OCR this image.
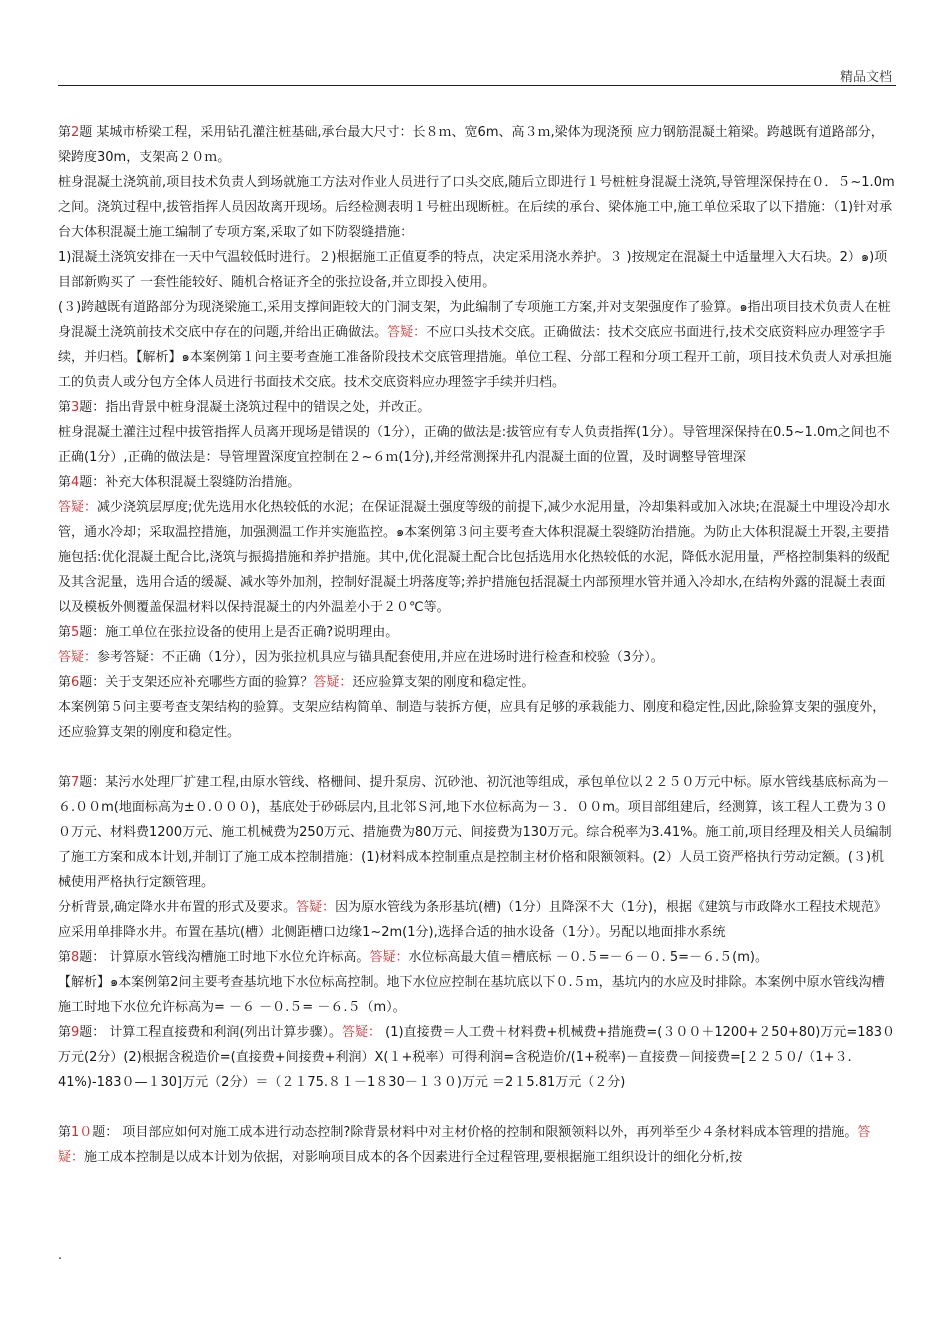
精品文档

第2题 某城市桥梁工程，采用钻孔灌注桩基础,承台最大尺寸：长８ｍ、宽6m、高３ｍ,梁体为现浇预 应力钢筋混凝土箱梁。跨越既有道路部分，梁跨度30m，支架高２０ｍ。

桩身混凝土浇筑前,项目技术负责人到场就施工方法对作业人员进行了口头交底,随后立即进行１号桩桩身混凝土浇筑,导管埋深保持在０．５~1.0m之间。浇筑过程中,拔管指挥人员因故离开现场。后经检测表明１号桩出现断桩。在后续的承台、梁体施工中,施工单位采取了以下措施：（1)针对承台大体积混凝土施工编制了专项方案,采取了如下防裂缝措施：

1)混凝土浇筑安排在一天中气温较低时进行。２)根据施工正值夏季的特点，决定采用浇水养护。３ )按规定在混凝土中适量埋入大石块。2）๑)项目部新购买了 一套性能较好、随机合格证齐全的张拉设备,并立即投入使用。

(３)跨越既有道路部分为现浇梁施工,采用支撑间距较大的门洞支架，为此编制了专项施工方案,并对支架强度作了验算。๑指出项目技术负责人在桩身混凝土浇筑前技术交底中存在的问题,并给出正确做法。答疑：不应口头技术交底。正确做法：技术交底应书面进行,技术交底资料应办理签字手续，并归档。【解析】๑本案例第１问主要考查施工准备阶段技术交底管理措施。单位工程、分部工程和分项工程开工前，项目技术负责人对承担施工的负责人或分包方全体人员进行书面技术交底。技术交底资料应办理签字手续并归档。

第3题：指出背景中桩身混凝土浇筑过程中的错误之处，并改正。

桩身混凝土灌注过程中拔管指挥人员离开现场是错误的（1分），正确的做法是:拔管应有专人负责指挥(1分）。导管埋深保持在0.5~1.0m之间也不正确(1分）,正确的做法是：导管埋置深度宜控制在２~６ｍ(1分),并经常测探井孔内混凝土面的位置，及时调整导管埋深

第4题：补充大体积混凝土裂缝防治措施。

答疑：减少浇筑层厚度;优先选用水化热较低的水泥；在保证混凝土强度等级的前提下,减少水泥用量，冷却集料或加入冰块;在混凝土中埋设冷却水管，通水冷却；采取温控措施，加强测温工作并实施监控。๑本案例第３问主要考查大体积混凝土裂缝防治措施。为防止大体积混凝土开裂,主要措施包括:优化混凝土配合比,浇筑与振捣措施和养护措施。其中,优化混凝土配合比包括选用水化热较低的水泥，降低水泥用量，严格控制集料的级配及其含泥量，选用合适的缓凝、减水等外加剂，控制好混凝土坍落度等;养护措施包括混凝土内部预埋水管并通入冷却水,在结构外露的混凝土表面以及模板外侧覆盖保温材料以保持混凝土的内外温差小于２０℃等。

第5题：施工单位在张拉设备的使用上是否正确?说明理由。

答疑：参考答疑：不正确（1分），因为张拉机具应与锚具配套使用,并应在进场时进行检查和校验（3分）。

第6题：关于支架还应补充哪些方面的验算？答疑：还应验算支架的刚度和稳定性。

本案例第５问主要考查支架结构的验算。支架应结构简单、制造与装拆方便，应具有足够的承栽能力、刚度和稳定性,因此,除验算支架的强度外，还应验算支架的刚度和稳定性。

第7题：某污水处理厂扩建工程,由原水管线、格栅间、提升泵房、沉砂池、初沉池等组成，承包单位以２２５０万元中标。原水管线基底标高为－６.００m(地面标高为±０.０００)，基底处于砂砾层内,且北邻Ｓ河,地下水位标高为－３．００m。项目部组建后，经测算，该工程人工费为３００万元、材料费1200万元、施工机械费为250万元、措施费为80万元、间接费为130万元。综合税率为3.41%。施工前,项目经理及相关人员编制了施工方案和成本计划,并制订了施工成本控制措施：(1)材料成本控制重点是控制主材价格和限额领料。(2）人员工资严格执行劳动定额。(３)机械使用严格执行定额管理。

分析背景,确定降水井布置的形式及要求。答疑：因为原水管线为条形基坑(槽)（1分）且降深不大（1分)，根据《建筑与市政降水工程技术规范》应采用单排降水井。布置在基坑(槽）北侧距槽口边缘1~2m(1分),选择合适的抽水设备（1分）。另配以地面排水系统

第8题： 计算原水管线沟槽施工时地下水位允许标高。答疑：水位标高最大值＝槽底标 －０.５=－６－０. 5=－６.５(m)。

【解析】๑本案例第2问主要考查基坑地下水位标高控制。地下水位应控制在基坑底以下０.５ｍ，基坑内的水应及时排除。本案例中原水管线沟槽施工时地下水位允许标高为= －６ －０.５= －６.５（m）。

第9题： 计算工程直接费和利润(列出计算步骤）。答疑： (1)直接费＝人工费＋材料费+机械费+措施费=(３００＋1200+２50+80)万元=183０万元(2分）(2)根据含税造价=(直接费+间接费+利润）X(１+税率）可得利润=含税造价/(1+税率)－直接费－间接费=[２２５０/（1+３. 41%)-183０—１30]万元（2分）＝（２１75.８１－1８30－１３０)万元 ＝2１5.81万元（２分)

第1０题： 项目部应如何对施工成本进行动态控制?除背景材料中对主材价格的控制和限额领料以外，再列举至少４条材料成本管理的措施。答疑：施工成本控制是以成本计划为依据，对影响项目成本的各个因素进行全过程管理,要根据施工组织设计的细化分析,按

.
